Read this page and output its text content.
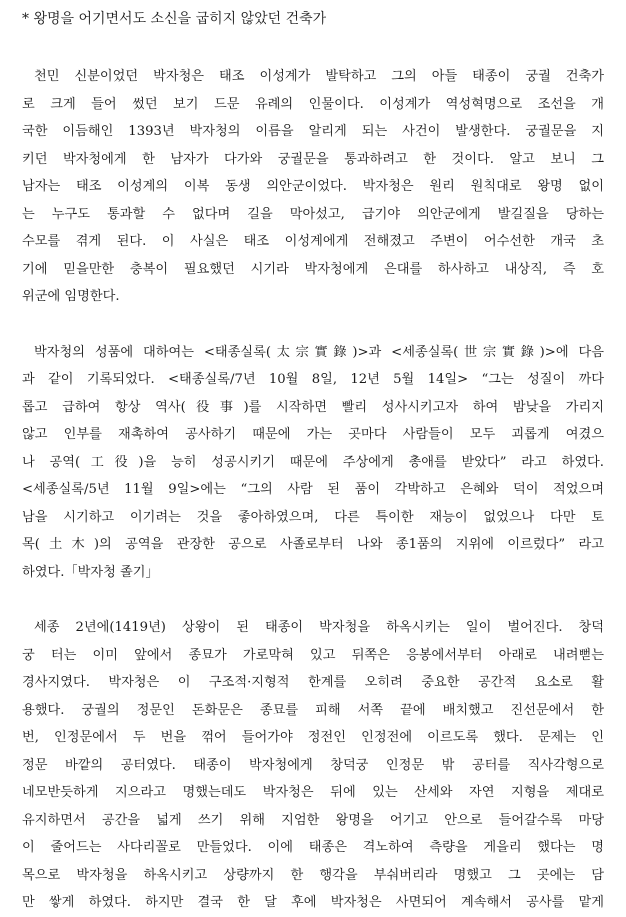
* 왕명을 어기면서도 소신을 굽히지 않았던 건축가
천민 신분이었던 박자청은 태조 이성계가 발탁하고 그의 아들 태종이 궁궐 건축가
로 크게 들어 썼던 보기 드문 유례의 인물이다. 이성계가 역성혁명으로 조선을 개
국한 이듬해인 1393년 박자청의 이름을 알리게 되는 사건이 발생한다. 궁궐문을 지
키던 박자청에게 한 남자가 다가와 궁궐문을 통과하려고 한 것이다. 알고 보니 그
남자는 태조 이성계의 이복 동생 의안군이었다. 박자청은 원리 원칙대로 왕명 없이
는 누구도 통과할 수 없다며 길을 막아섰고, 급기야 의안군에게 발길질을 당하는
수모를 겪게 된다. 이 사실은 태조 이성계에게 전해졌고 주변이 어수선한 개국 초
기에 믿을만한 충복이 필요했던 시기라 박자청에게 은대를 하사하고 내상직, 즉 호
위군에 임명한다.
박자청의 성품에 대하여는 <태종실록(太宗實錄)>과 <세종실록(世宗實錄)>에 다음
과 같이 기록되었다. <태종실록/7년 10월 8일, 12년 5월 14일> “그는 성질이 까다
롭고 급하여 항상 역사(役事)를 시작하면 빨리 성사시키고자 하여 밤낮을 가리지
않고 인부를 재촉하여 공사하기 때문에 가는 곳마다 사람들이 모두 괴롭게 여겼으
나 공역(工役)을 능히 성공시키기 때문에 주상에게 총애를 받았다” 라고 하였다.
<세종실록/5년 11월 9일>에는 “그의 사람 된 품이 각박하고 은혜와 덕이 적었으며
남을 시기하고 이기려는 것을 좋아하였으며, 다른 특이한 재능이 없었으나 다만 토
목(土木)의 공역을 관장한 공으로 사졸로부터 나와 종1품의 지위에 이르렀다” 라고
하였다.「박자청 졸기」
세종 2년에(1419년) 상왕이 된 태종이 박자청을 하옥시키는 일이 벌어진다. 창덕
궁 터는 이미 앞에서 종묘가 가로막혀 있고 뒤쪽은 응봉에서부터 아래로 내려뻗는
경사지였다. 박자청은 이 구조적·지형적 한계를 오히려 중요한 공간적 요소로 활
용했다. 궁궐의 정문인 돈화문은 종묘를 피해 서쪽 끝에 배치했고 진선문에서 한
번, 인정문에서 두 번을 꺾어 들어가야 정전인 인정전에 이르도록 했다. 문제는 인
정문 바깥의 공터였다. 태종이 박자청에게 창덕궁 인정문 밖 공터를 직사각형으로
네모반듯하게 지으라고 명했는데도 박자청은 뒤에 있는 산세와 자연 지형을 제대로
유지하면서 공간을 넓게 쓰기 위해 지엄한 왕명을 어기고 안으로 들어갈수록 마당
이 줄어드는 사다리꼴로 만들었다. 이에 태종은 격노하여 측량을 게을리 했다는 명
목으로 박자청을 하옥시키고 상량까지 한 행각을 부숴버리라 명했고 그 곳에는 담
만 쌓게 하였다. 하지만 결국 한 달 후에 박자청은 사면되어 계속해서 공사를 맡게
